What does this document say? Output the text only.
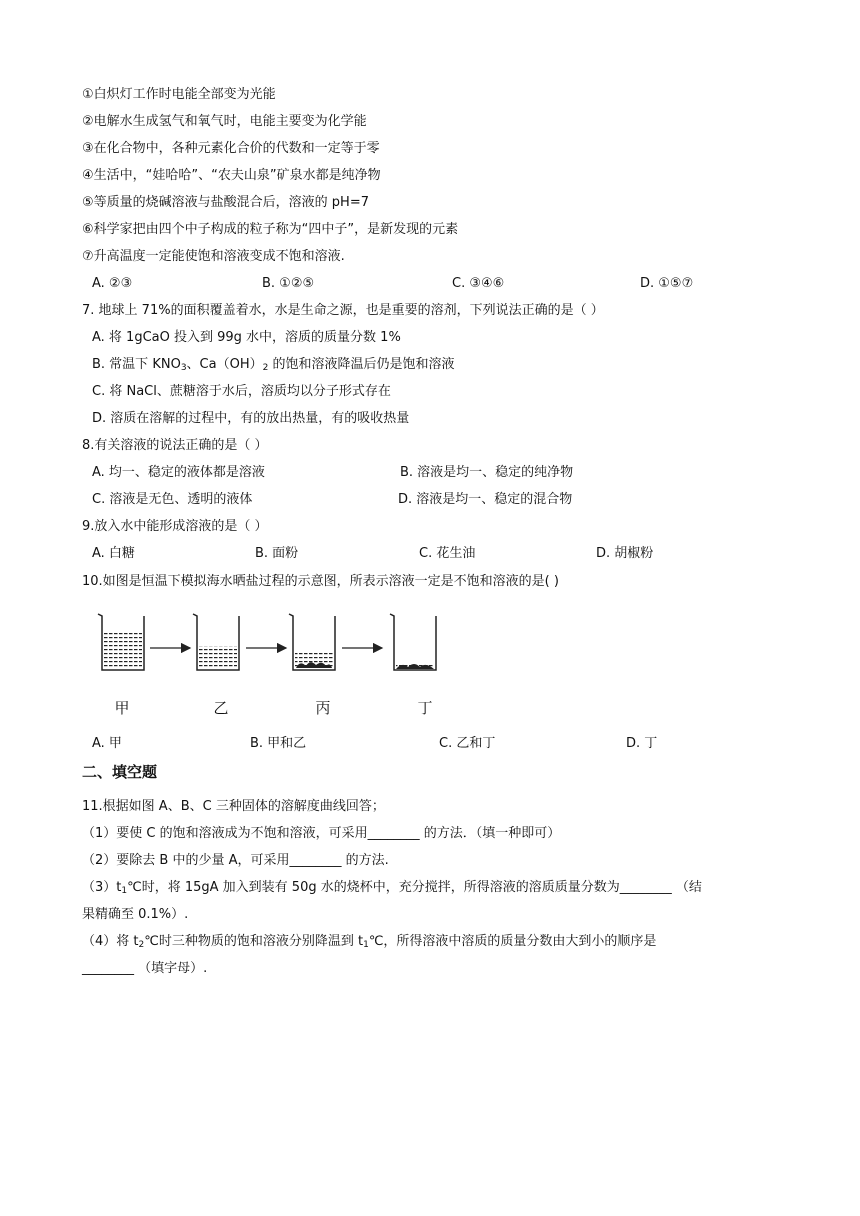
①白炽灯工作时电能全部变为光能
②电解水生成氢气和氧气时，电能主要变为化学能
③在化合物中，各种元素化合价的代数和一定等于零
④生活中，“娃哈哈”、“农夫山泉”矿泉水都是纯净物
⑤等质量的烧碱溶液与盐酸混合后，溶液的 pH=7
⑥科学家把由四个中子构成的粒子称为“四中子”，是新发现的元素
⑦升高温度一定能使饱和溶液变成不饱和溶液.
A. ②③	B. ①②⑤	C. ③④⑥	D. ①⑤⑦
7. 地球上 71%的面积覆盖着水，水是生命之源，也是重要的溶剂，下列说法正确的是（ ）
A. 将 1gCaO 投入到 99g 水中，溶质的质量分数 1%
B. 常温下 $KNO_3$、$Ca(OH)_2$ 的饱和溶液降温后仍是饱和溶液
C. 将 NaCl、蔗糖溶于水后，溶质均以分子形式存在
D. 溶质在溶解的过程中，有的放出热量，有的吸收热量
8.有关溶液的说法正确的是（ ）
A. 均一、稳定的液体都是溶液	B. 溶液是均一、稳定的纯净物
C. 溶液是无色、透明的液体	D. 溶液是均一、稳定的混合物
9.放入水中能形成溶液的是（ ）
A. 白糖	B. 面粉	C. 花生油	D. 胡椒粉
10.如图是恒温下模拟海水晒盐过程的示意图，所表示溶液一定是不饱和溶液的是( )
甲	乙	丙	丁
A. 甲	B. 甲和乙	C. 乙和丁	D. 丁
二、填空题
11.根据如图 A、B、C 三种固体的溶解度曲线回答；
（1）要使 C 的饱和溶液成为不饱和溶液，可采用________ 的方法．（填一种即可）
（2）要除去 B 中的少量 A，可采用________ 的方法.
$(3)t_1℃$时，将 15gA 加入到装有 50g 水的烧杯中，充分搅拌，所得溶液的溶质质量分数为________ （结
果精确至 0.1%）.
（4）将 $t_2℃$时三种物质的饱和溶液分别降温到 $t_1℃$，所得溶液中溶质的质量分数由大到小的顺序是
________ （填字母）.
